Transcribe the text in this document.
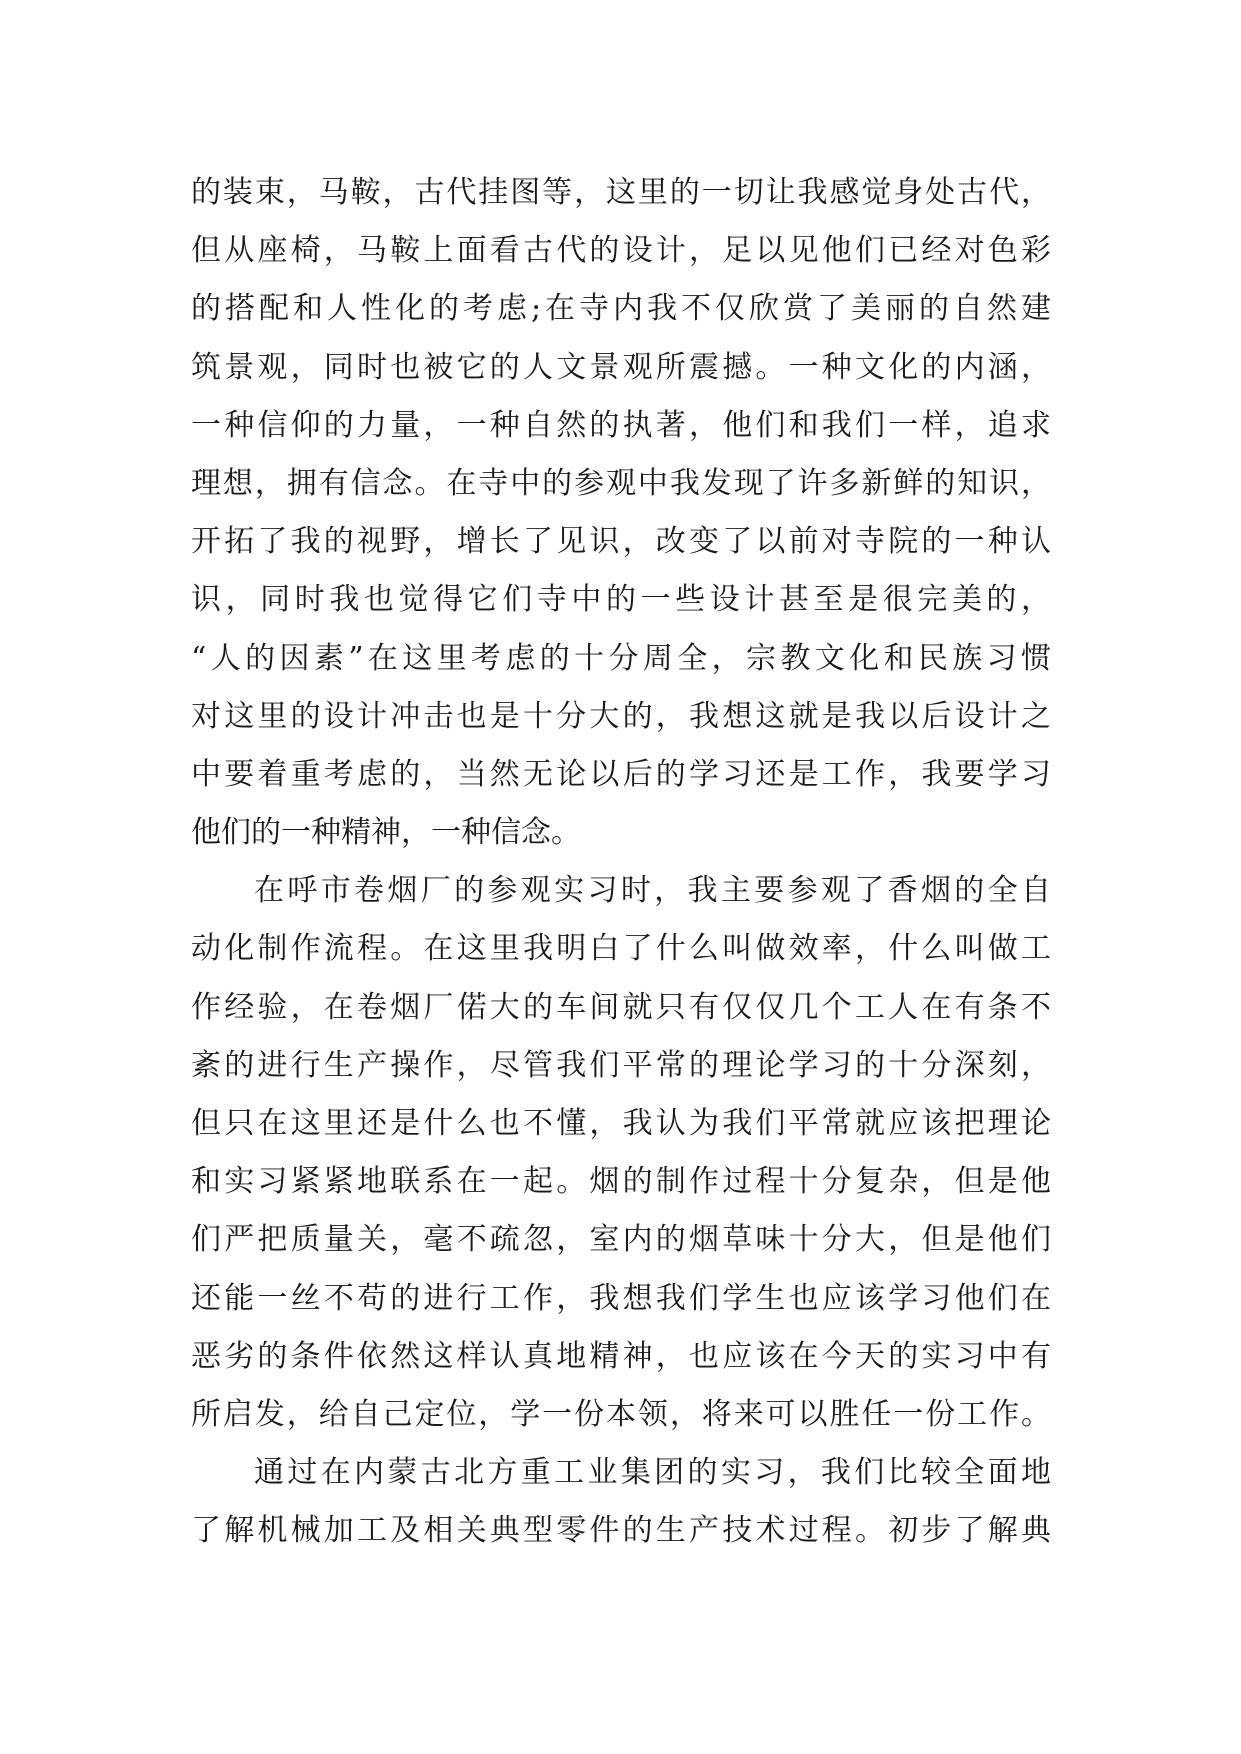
的装束，马鞍，古代挂图等，这里的一切让我感觉身处古代，
但从座椅，马鞍上面看古代的设计，足以见他们已经对色彩
的搭配和人性化的考虑;在寺内我不仅欣赏了美丽的自然建
筑景观，同时也被它的人文景观所震撼。一种文化的内涵，
一种信仰的力量，一种自然的执著，他们和我们一样，追求
理想，拥有信念。在寺中的参观中我发现了许多新鲜的知识，
开拓了我的视野，增长了见识，改变了以前对寺院的一种认
识，同时我也觉得它们寺中的一些设计甚至是很完美的，
“人的因素”在这里考虑的十分周全，宗教文化和民族习惯
对这里的设计冲击也是十分大的，我想这就是我以后设计之
中要着重考虑的，当然无论以后的学习还是工作，我要学习
他们的一种精神，一种信念。
在呼市卷烟厂的参观实习时，我主要参观了香烟的全自
动化制作流程。在这里我明白了什么叫做效率，什么叫做工
作经验，在卷烟厂偌大的车间就只有仅仅几个工人在有条不
紊的进行生产操作，尽管我们平常的理论学习的十分深刻，
但只在这里还是什么也不懂，我认为我们平常就应该把理论
和实习紧紧地联系在一起。烟的制作过程十分复杂，但是他
们严把质量关，毫不疏忽，室内的烟草味十分大，但是他们
还能一丝不苟的进行工作，我想我们学生也应该学习他们在
恶劣的条件依然这样认真地精神，也应该在今天的实习中有
所启发，给自己定位，学一份本领，将来可以胜任一份工作。
通过在内蒙古北方重工业集团的实习，我们比较全面地
了解机械加工及相关典型零件的生产技术过程。初步了解典
